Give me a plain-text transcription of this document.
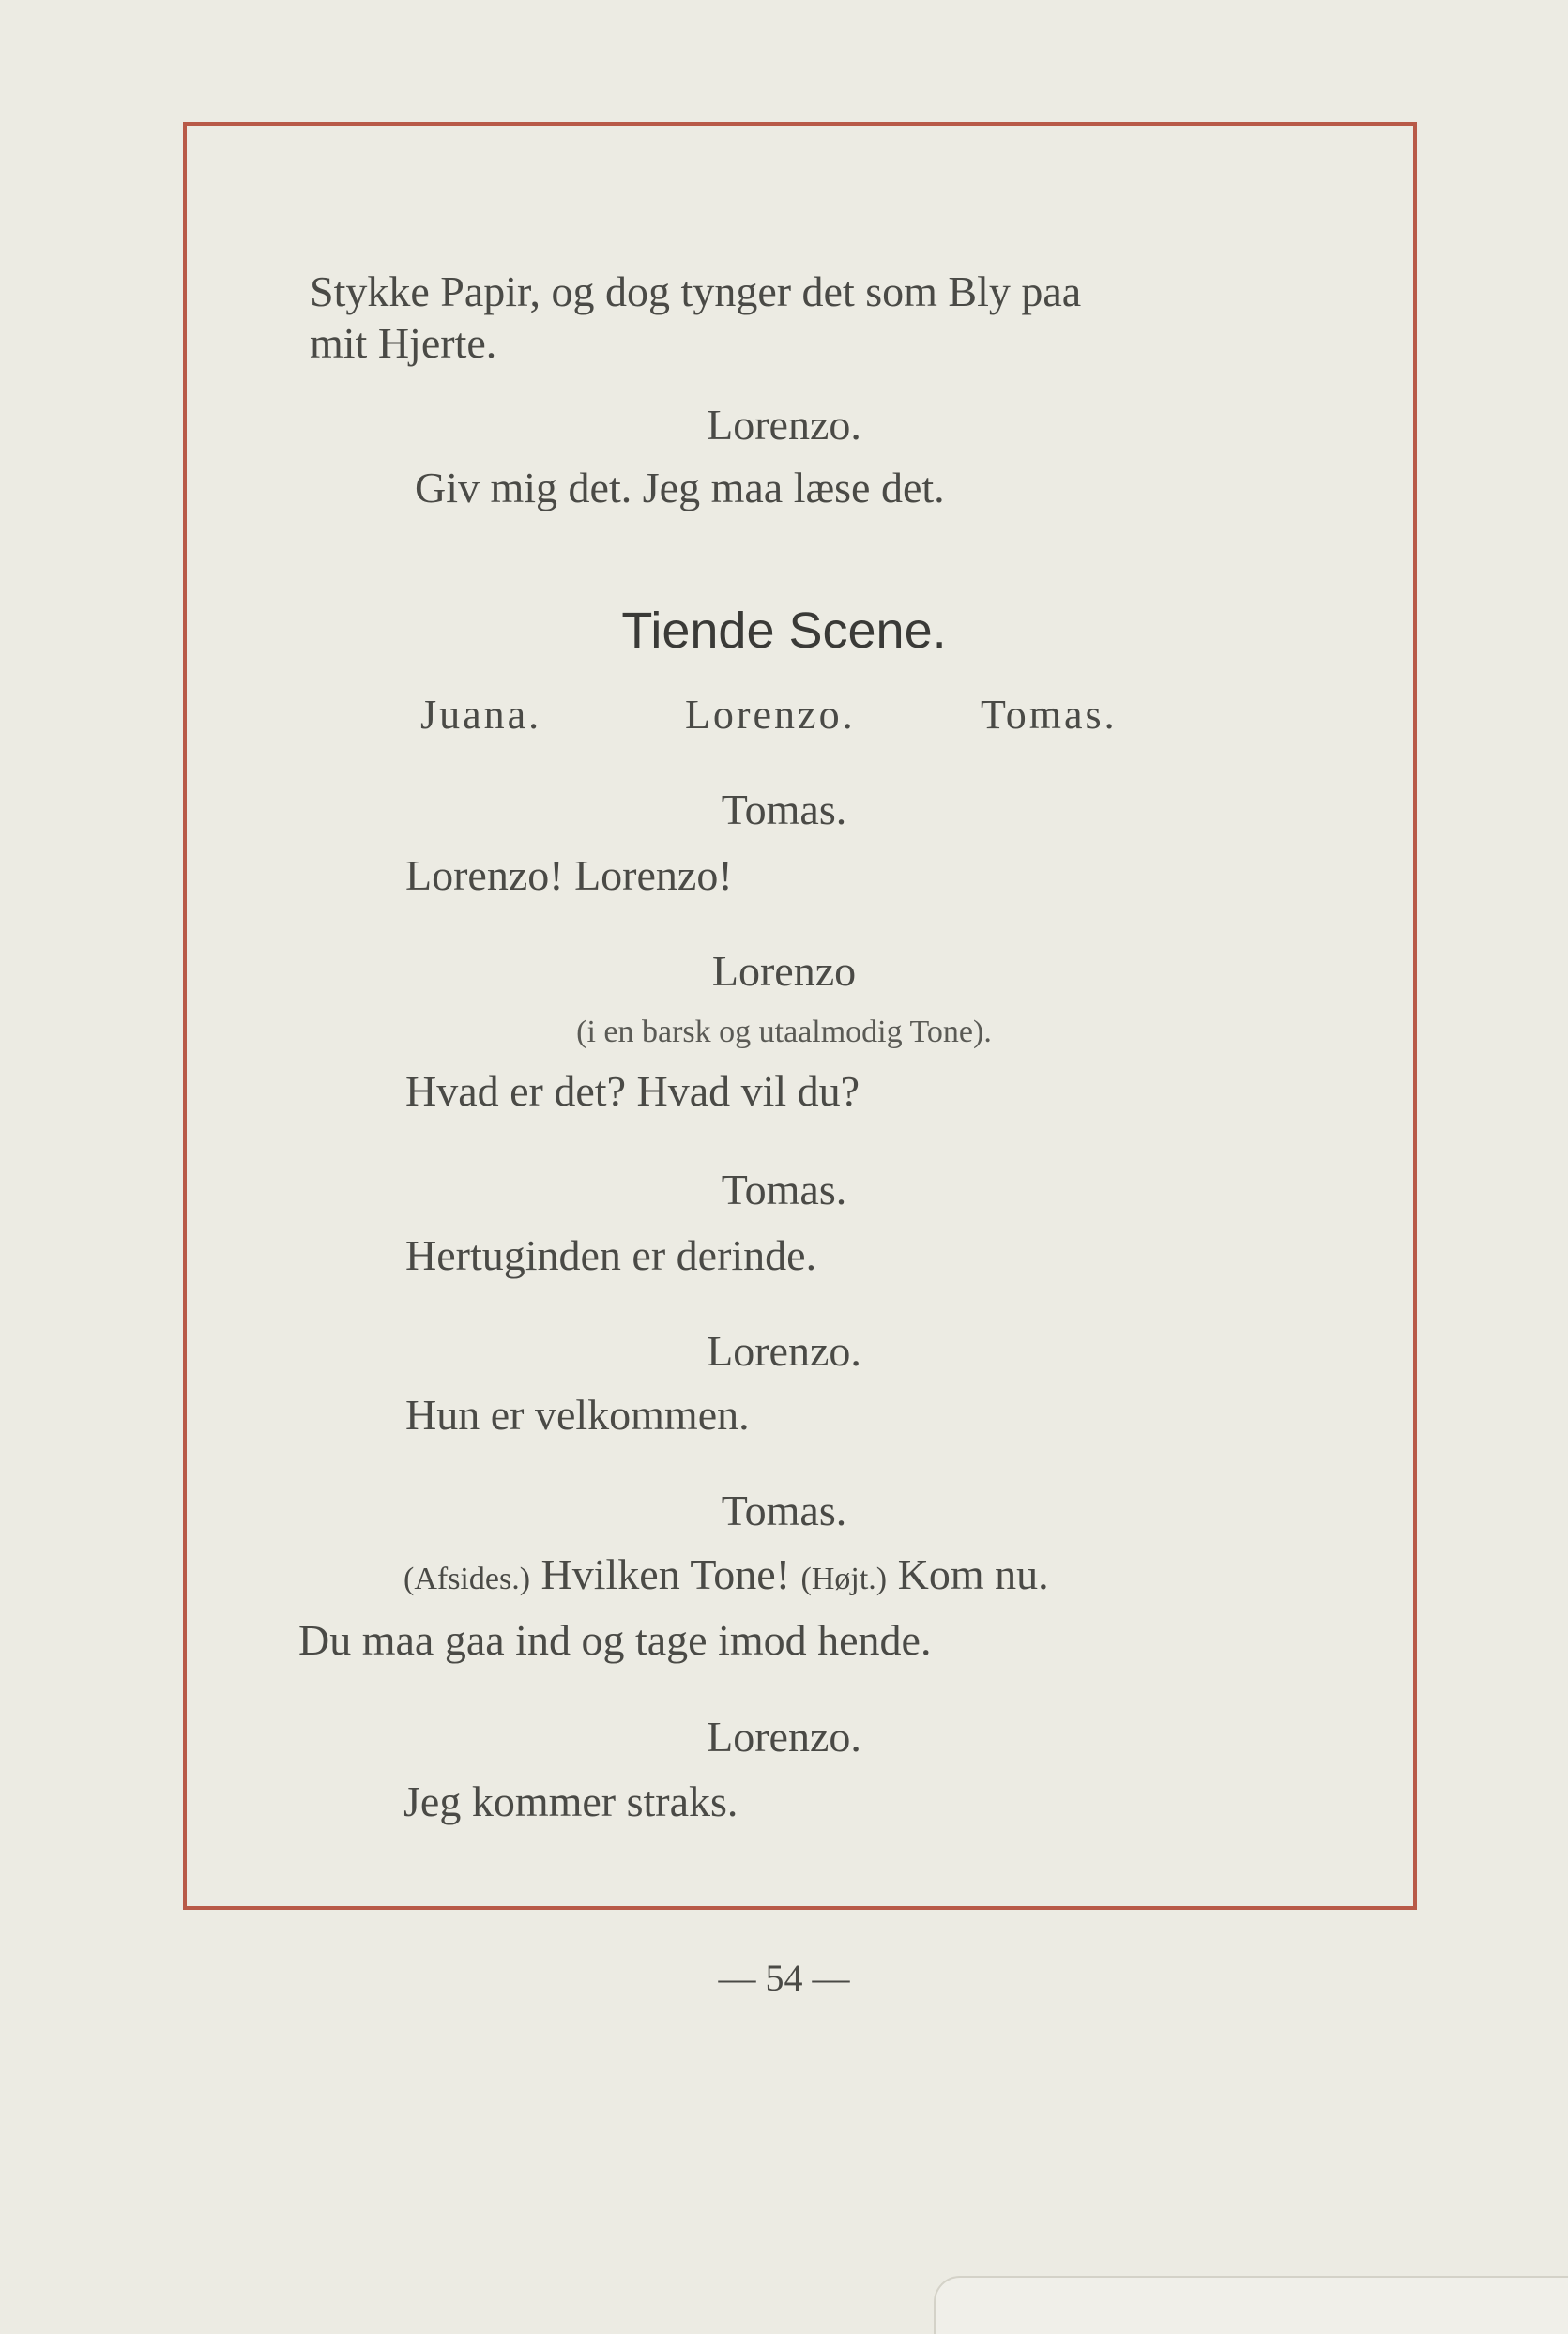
Stykke Papir, og dog tynger det som Bly paa
mit Hjerte.
Lorenzo.
Giv mig det. Jeg maa læse det.
Tiende Scene.
Juana.	Lorenzo.	Tomas.
Tomas.
Lorenzo! Lorenzo!
Lorenzo
(i en barsk og utaalmodig Tone).
Hvad er det? Hvad vil du?
Tomas.
Hertuginden er derinde.
Lorenzo.
Hun er velkommen.
Tomas.
(Afsides.) Hvilken Tone! (Højt.) Kom nu.
Du maa gaa ind og tage imod hende.
Lorenzo.
Jeg kommer straks.
— 54 —
